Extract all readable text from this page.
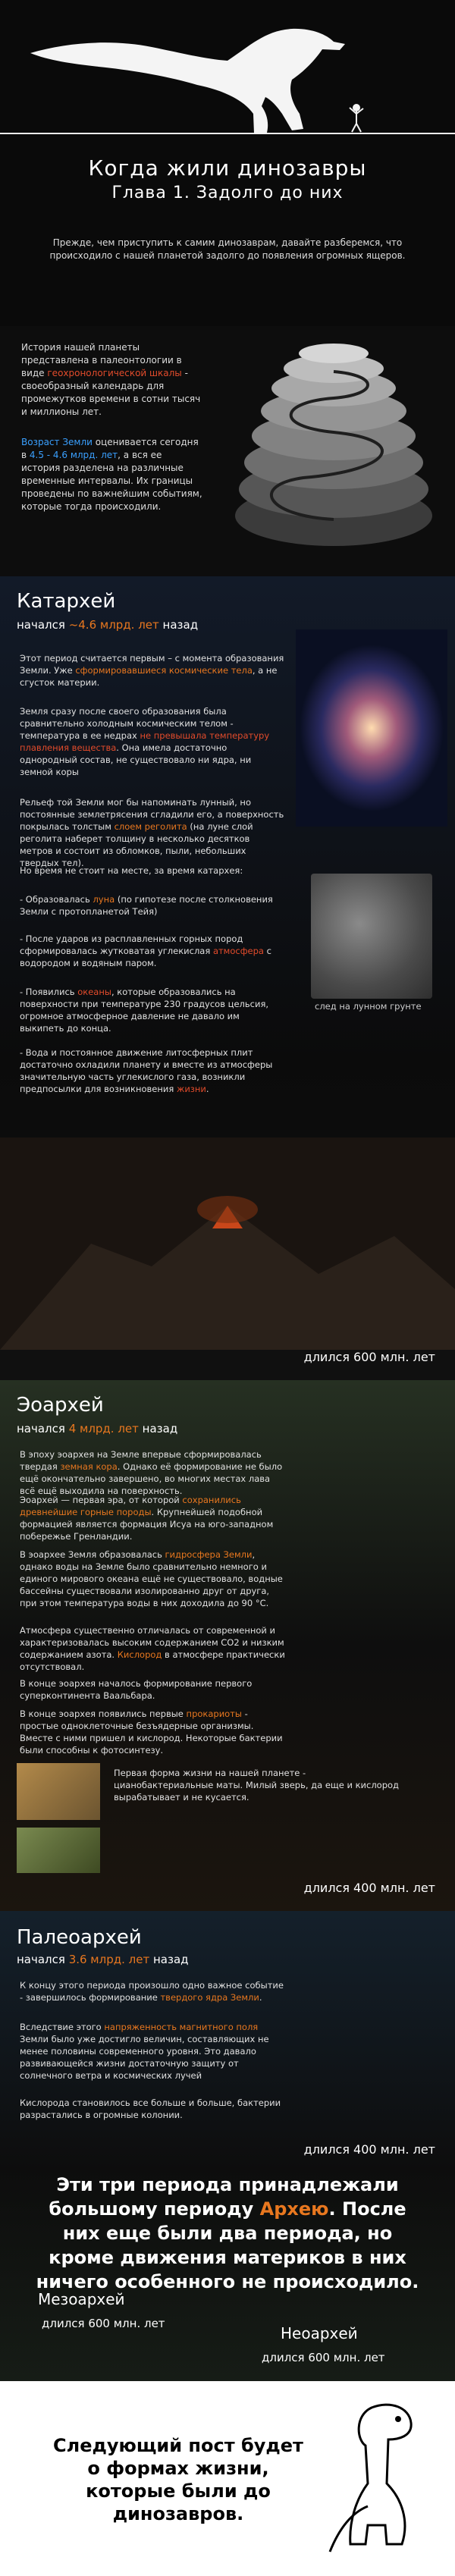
Когда жили динозавры
Глава 1. Задолго до них

Прежде, чем приступить к самим динозаврам, давайте разберемся, что происходило с нашей планетой задолго до появления огромных ящеров.

История нашей планеты представлена в палеонтологии в виде геохронологической шкалы - своеобразный календарь для промежутков времени в сотни тысяч и миллионы лет.

Возраст Земли оценивается сегодня в 4.5 - 4.6 млрд. лет, а вся ее история разделена на различные временные интервалы. Их границы проведены по важнейшим событиям, которые тогда происходили.

Катархей
начался ~4.6 млрд. лет назад

Этот период считается первым – с момента образования Земли. Уже сформировавшиеся космические тела, а не сгусток материи.

Земля сразу после своего образования была сравнительно холодным космическим телом - температура в ее недрах не превышала температуру плавления вещества. Она имела достаточно однородный состав, не существовало ни ядра, ни земной коры

Рельеф той Земли мог бы напоминать лунный, но постоянные землетрясения сгладили его, а поверхность покрылась толстым слоем реголита (на луне слой реголита наберет толщину в несколько десятков метров и состоит из обломков, пыли, небольших твердых тел).

Но время не стоит на месте, за время катархея:

- Образовалась луна (по гипотезе после столкновения Земли с протопланетой Тейя)

- После ударов из расплавленных горных пород сформировалась жутковатая углекислая атмосфера с водородом и водяным паром.

- Появились океаны, которые образовались на поверхности при температуре 230 градусов цельсия, огромное атмосферное давление не давало им выкипеть до конца.

- Вода и постоянное движение литосферных плит достаточно охладили планету и вместе из атмосферы значительную часть углекислого газа, возникли предпосылки для возникновения жизни.

след на лунном грунте
длился 600 млн. лет
Эоархей
начался 4 млрд. лет назад

В эпоху эоархея на Земле впервые сформировалась твердая земная кора. Однако её формирование не было ещё окончательно завершено, во многих местах лава всё ещё выходила на поверхность.

Эоархей — первая эра, от которой сохранились древнейшие горные породы. Крупнейшей подобной формацией является формация Исуа на юго-западном побережье Гренландии.

В эоархее Земля образовалась гидросфера Земли, однако воды на Земле было сравнительно немного и единого мирового океана ещё не существовало, водные бассейны существовали изолированно друг от друга, при этом температура воды в них доходила до 90 °C.

Атмосфера существенно отличалась от современной и характеризовалась высоким содержанием CO2 и низким содержанием азота. Кислород в атмосфере практически отсутствовал.

В конце эоархея началось формирование первого суперконтинента Ваальбара.

В конце эоархея появились первые прокариоты - простые одноклеточные безъядерные организмы. Вместе с ними пришел и кислород. Некоторые бактерии были способны к фотосинтезу.

Первая форма жизни на нашей планете - цианобактериальные маты. Милый зверь, да еще и кислород вырабатывает и не кусается.

длился 400 млн. лет
Палеоархей
начался 3.6 млрд. лет назад

К концу этого периода произошло одно важное событие - завершилось формирование твердого ядра Земли.

Вследствие этого напряженность магнитного поля Земли было уже достигло величин, составляющих не менее половины современного уровня. Это давало развивающейся жизни достаточную защиту от солнечного ветра и космических лучей

Кислорода становилось все больше и больше, бактерии разрастались в огромные колонии.

длился 400 млн. лет

Эти три периода принадлежали большому периоду Архею. После них еще были два периода, но кроме движения материков в них ничего особенного не происходило.

Мезоархей
длился 600 млн. лет
Неоархей
длился 600 млн. лет

Следующий пост будет о формах жизни, которые были до динозавров.
